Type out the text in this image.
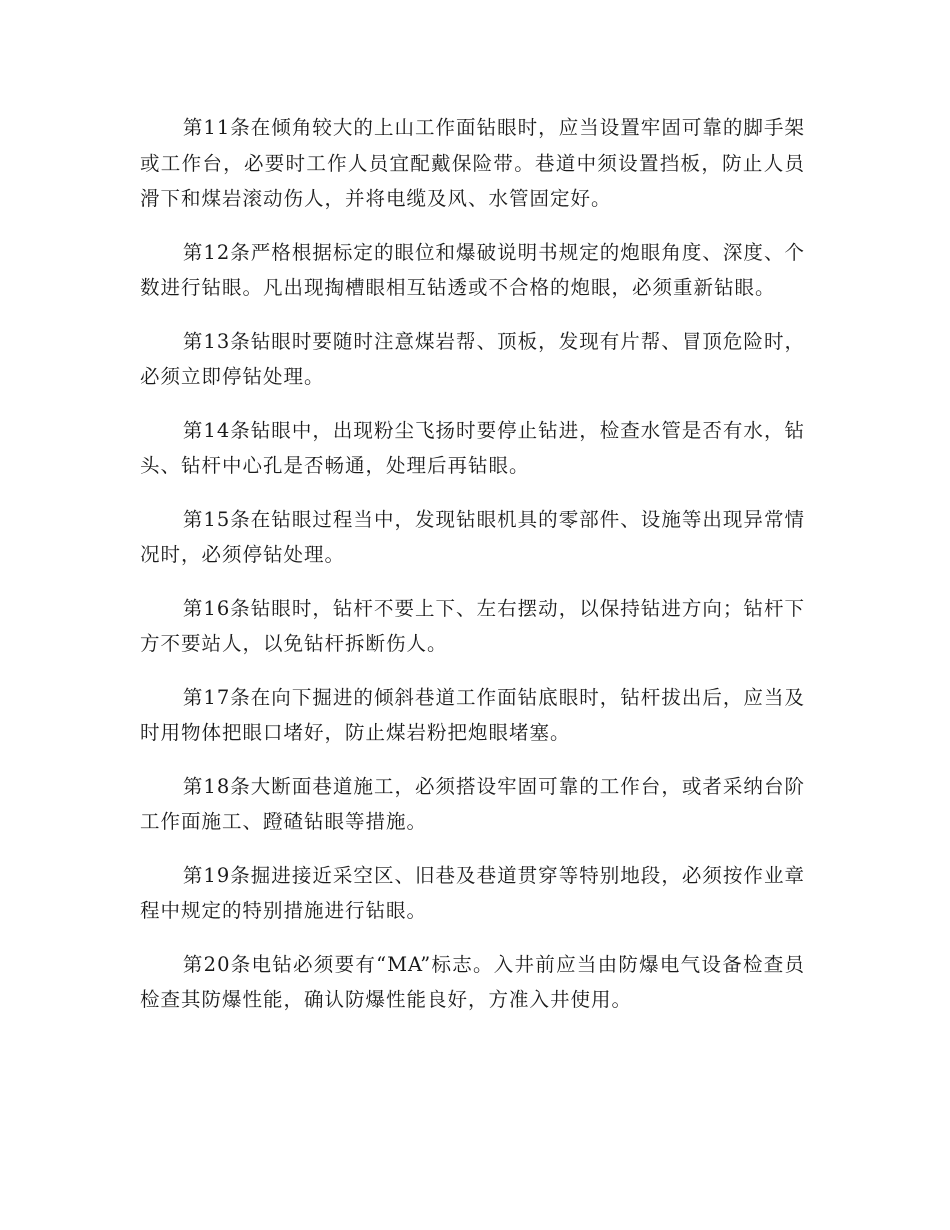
第11条在倾角较大的上山工作面钻眼时，应当设置牢固可靠的脚手架或工作台，必要时工作人员宜配戴保险带。巷道中须设置挡板，防止人员滑下和煤岩滚动伤人，并将电缆及风、水管固定好。

第12条严格根据标定的眼位和爆破说明书规定的炮眼角度、深度、个数进行钻眼。凡出现掏槽眼相互钻透或不合格的炮眼，必须重新钻眼。

第13条钻眼时要随时注意煤岩帮、顶板，发现有片帮、冒顶危险时，必须立即停钻处理。

第14条钻眼中，出现粉尘飞扬时要停止钻进，检查水管是否有水，钻头、钻杆中心孔是否畅通，处理后再钻眼。

第15条在钻眼过程当中，发现钻眼机具的零部件、设施等出现异常情况时，必须停钻处理。

第16条钻眼时，钻杆不要上下、左右摆动，以保持钻进方向；钻杆下方不要站人，以免钻杆拆断伤人。

第17条在向下掘进的倾斜巷道工作面钻底眼时，钻杆拔出后，应当及时用物体把眼口堵好，防止煤岩粉把炮眼堵塞。

第18条大断面巷道施工，必须搭设牢固可靠的工作台，或者采纳台阶工作面施工、蹬碴钻眼等措施。

第19条掘进接近采空区、旧巷及巷道贯穿等特别地段，必须按作业章程中规定的特别措施进行钻眼。

第20条电钻必须要有“MA”标志。入井前应当由防爆电气设备检查员检查其防爆性能，确认防爆性能良好，方准入井使用。
